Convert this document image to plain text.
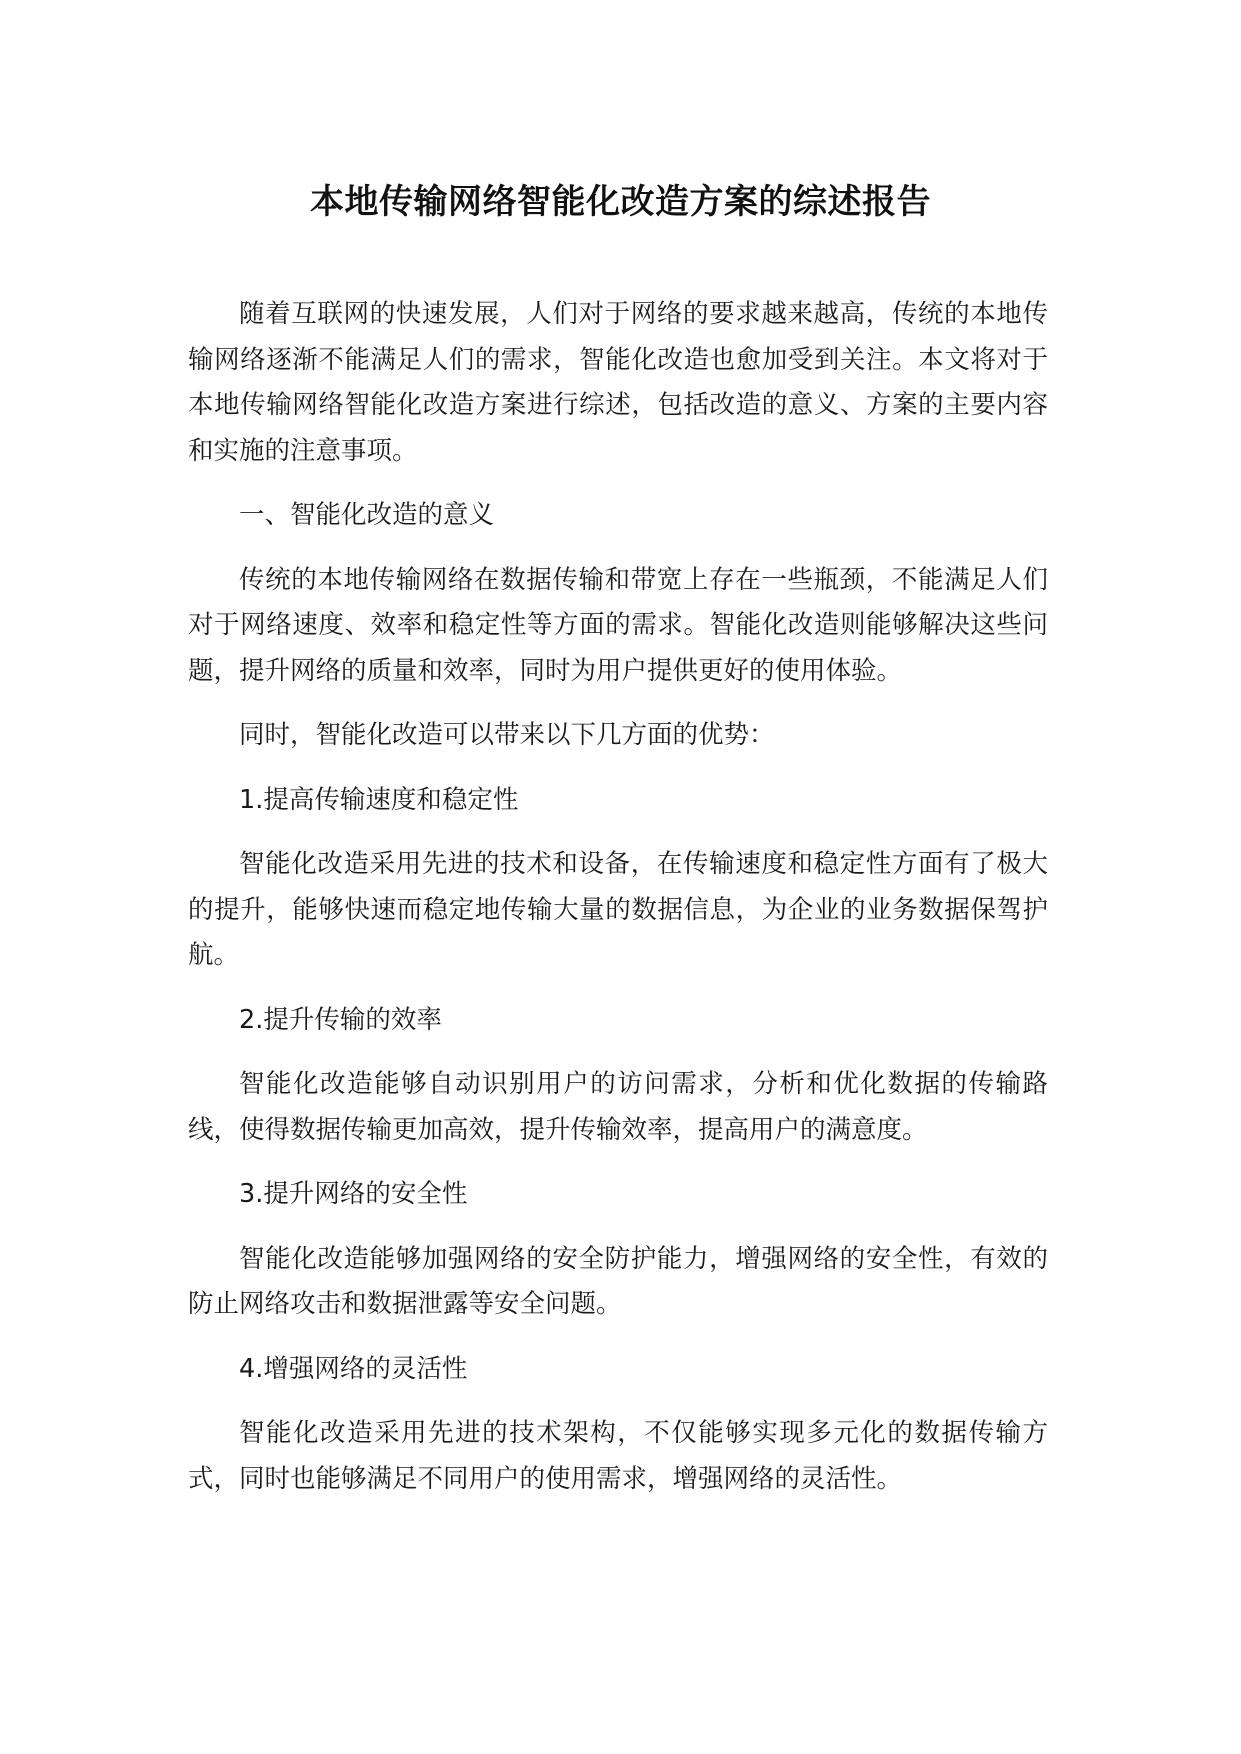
本地传输网络智能化改造方案的综述报告

随着互联网的快速发展，人们对于网络的要求越来越高，传统的本地传输网络逐渐不能满足人们的需求，智能化改造也愈加受到关注。本文将对于本地传输网络智能化改造方案进行综述，包括改造的意义、方案的主要内容和实施的注意事项。

一、智能化改造的意义

传统的本地传输网络在数据传输和带宽上存在一些瓶颈，不能满足人们对于网络速度、效率和稳定性等方面的需求。智能化改造则能够解决这些问题，提升网络的质量和效率，同时为用户提供更好的使用体验。

同时，智能化改造可以带来以下几方面的优势：

1.提高传输速度和稳定性

智能化改造采用先进的技术和设备，在传输速度和稳定性方面有了极大的提升，能够快速而稳定地传输大量的数据信息，为企业的业务数据保驾护航。

2.提升传输的效率

智能化改造能够自动识别用户的访问需求，分析和优化数据的传输路线，使得数据传输更加高效，提升传输效率，提高用户的满意度。

3.提升网络的安全性

智能化改造能够加强网络的安全防护能力，增强网络的安全性，有效的防止网络攻击和数据泄露等安全问题。

4.增强网络的灵活性

智能化改造采用先进的技术架构，不仅能够实现多元化的数据传输方式，同时也能够满足不同用户的使用需求，增强网络的灵活性。
